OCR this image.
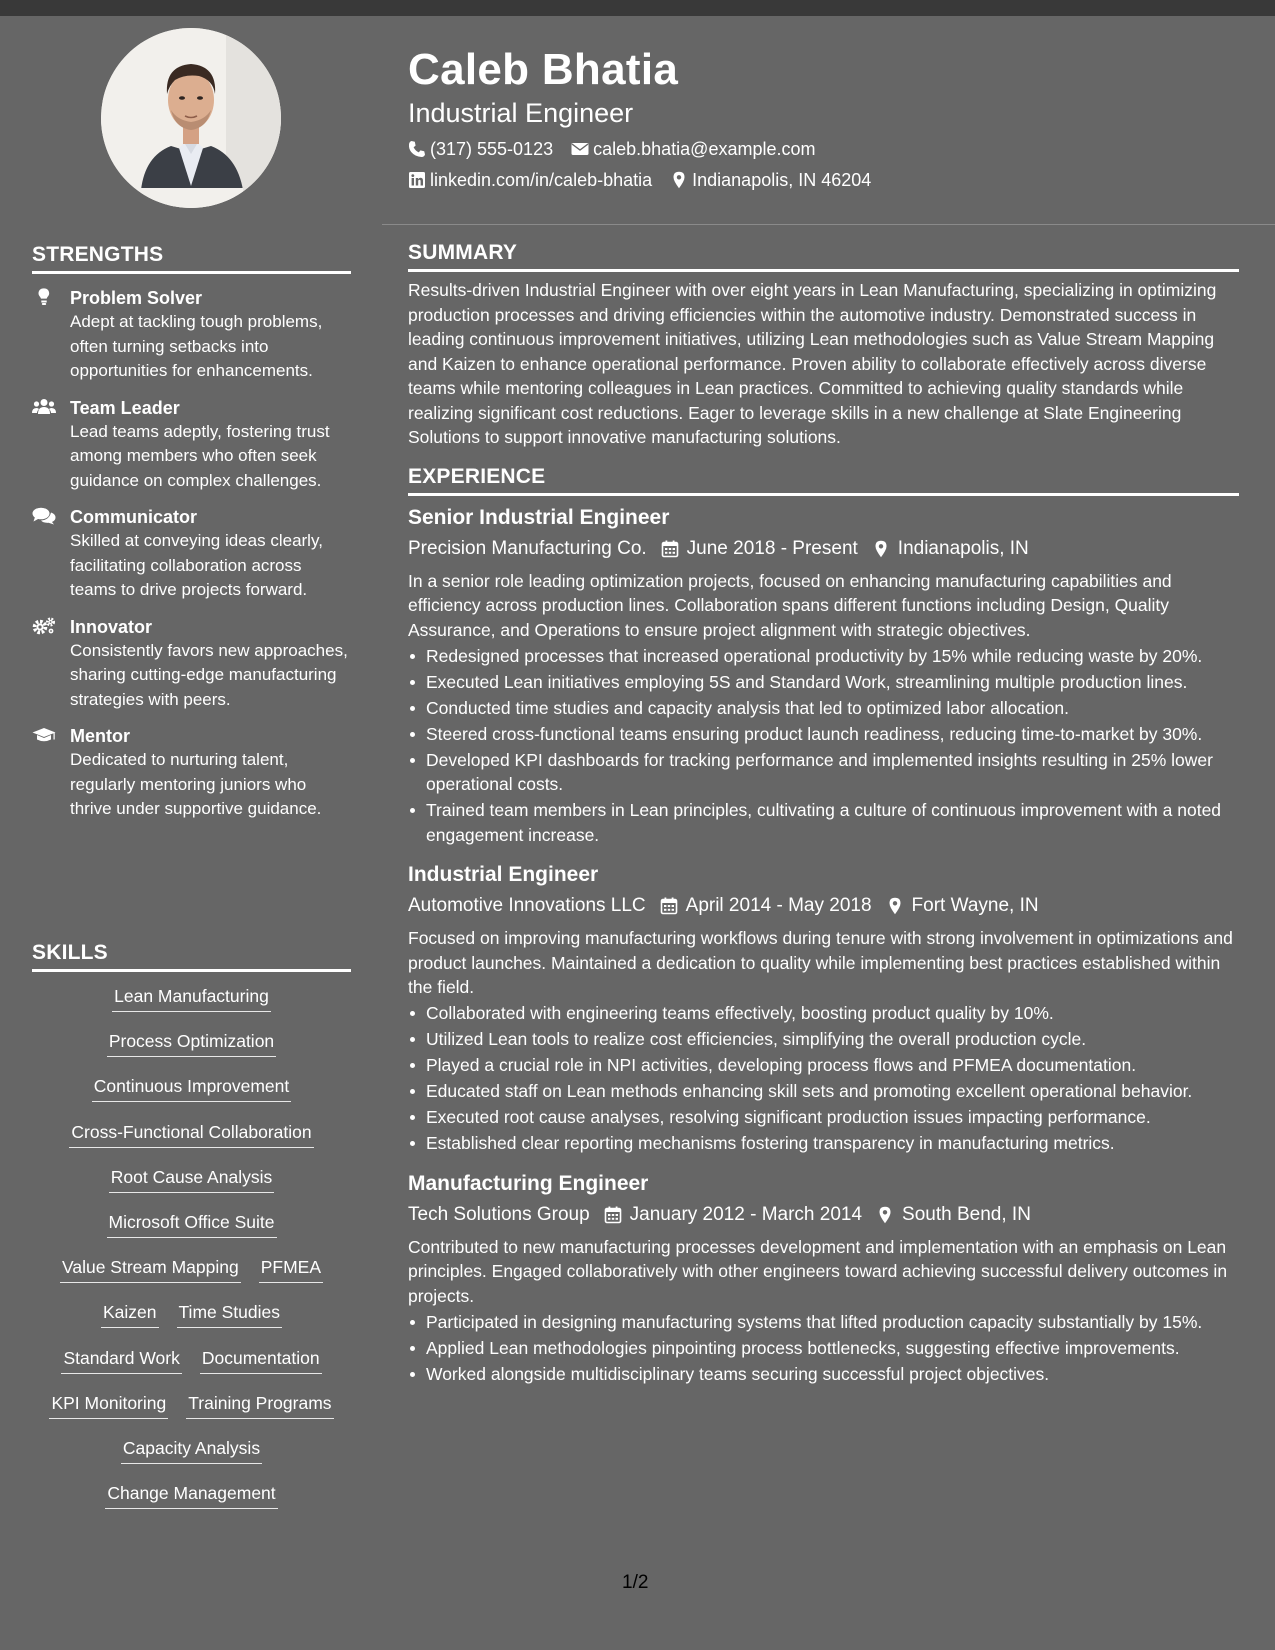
STRENGTHS
Problem Solver
Adept at tackling tough problems, often turning setbacks into opportunities for enhancements.
Team Leader
Lead teams adeptly, fostering trust among members who often seek guidance on complex challenges.
Communicator
Skilled at conveying ideas clearly, facilitating collaboration across teams to drive projects forward.
Innovator
Consistently favors new approaches, sharing cutting-edge manufacturing strategies with peers.
Mentor
Dedicated to nurturing talent, regularly mentoring juniors who thrive under supportive guidance.
SKILLS
Lean Manufacturing
Process Optimization
Continuous Improvement
Cross-Functional Collaboration
Root Cause Analysis
Microsoft Office Suite
Value Stream Mapping PFMEA
Kaizen Time Studies
Standard Work Documentation
KPI Monitoring Training Programs
Capacity Analysis
Change Management
Caleb Bhatia
Industrial Engineer
(317) 555-0123 caleb.bhatia@example.com
linkedin.com/in/caleb-bhatia Indianapolis, IN 46204
SUMMARY

Results-driven Industrial Engineer with over eight years in Lean Manufacturing, specializing in optimizing production processes and driving efficiencies within the automotive industry. Demonstrated success in leading continuous improvement initiatives, utilizing Lean methodologies such as Value Stream Mapping and Kaizen to enhance operational performance. Proven ability to collaborate effectively across diverse teams while mentoring colleagues in Lean practices. Committed to achieving quality standards while realizing significant cost reductions. Eager to leverage skills in a new challenge at Slate Engineering Solutions to support innovative manufacturing solutions.

EXPERIENCE
Senior Industrial Engineer
Precision Manufacturing Co. June 2018 - Present Indianapolis, IN

In a senior role leading optimization projects, focused on enhancing manufacturing capabilities and efficiency across production lines. Collaboration spans different functions including Design, Quality Assurance, and Operations to ensure project alignment with strategic objectives.

Redesigned processes that increased operational productivity by 15% while reducing waste by 20%.
Executed Lean initiatives employing 5S and Standard Work, streamlining multiple production lines.
Conducted time studies and capacity analysis that led to optimized labor allocation.
Steered cross-functional teams ensuring product launch readiness, reducing time-to-market by 30%.
Developed KPI dashboards for tracking performance and implemented insights resulting in 25% lower operational costs.
Trained team members in Lean principles, cultivating a culture of continuous improvement with a noted engagement increase.
Industrial Engineer
Automotive Innovations LLC April 2014 - May 2018 Fort Wayne, IN

Focused on improving manufacturing workflows during tenure with strong involvement in optimizations and product launches. Maintained a dedication to quality while implementing best practices established within the field.

Collaborated with engineering teams effectively, boosting product quality by 10%.
Utilized Lean tools to realize cost efficiencies, simplifying the overall production cycle.
Played a crucial role in NPI activities, developing process flows and PFMEA documentation.
Educated staff on Lean methods enhancing skill sets and promoting excellent operational behavior.
Executed root cause analyses, resolving significant production issues impacting performance.
Established clear reporting mechanisms fostering transparency in manufacturing metrics.
Manufacturing Engineer
Tech Solutions Group January 2012 - March 2014 South Bend, IN

Contributed to new manufacturing processes development and implementation with an emphasis on Lean principles. Engaged collaboratively with other engineers toward achieving successful delivery outcomes in projects.

Participated in designing manufacturing systems that lifted production capacity substantially by 15%.
Applied Lean methodologies pinpointing process bottlenecks, suggesting effective improvements.
Worked alongside multidisciplinary teams securing successful project objectives.
1/2
